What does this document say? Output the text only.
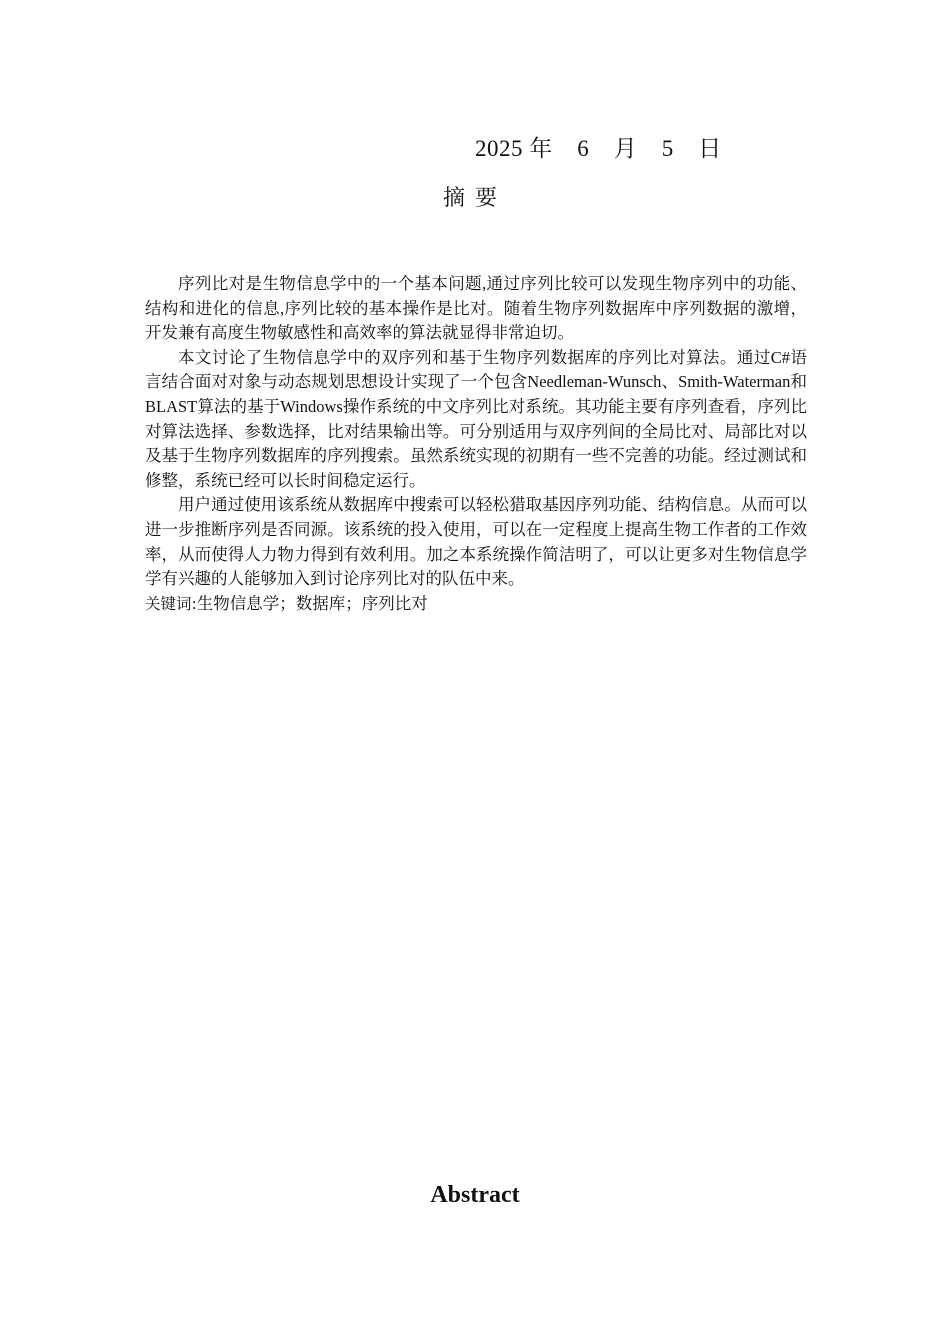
2025 年 6 月 5 日
摘要

序列比对是生物信息学中的一个基本问题,通过序列比较可以发现生物序列中的功能、结构和进化的信息,序列比较的基本操作是比对。随着生物序列数据库中序列数据的激增，开发兼有高度生物敏感性和高效率的算法就显得非常迫切。

本文讨论了生物信息学中的双序列和基于生物序列数据库的序列比对算法。通过C#语言结合面对对象与动态规划思想设计实现了一个包含Needleman-Wunsch、Smith-Waterman和BLAST算法的基于Windows操作系统的中文序列比对系统。其功能主要有序列查看，序列比对算法选择、参数选择，比对结果输出等。可分别适用与双序列间的全局比对、局部比对以及基于生物序列数据库的序列搜索。虽然系统实现的初期有一些不完善的功能。经过测试和修整，系统已经可以长时间稳定运行。

用户通过使用该系统从数据库中搜索可以轻松猎取基因序列功能、结构信息。从而可以进一步推断序列是否同源。该系统的投入使用，可以在一定程度上提高生物工作者的工作效率，从而使得人力物力得到有效利用。加之本系统操作简洁明了，可以让更多对生物信息学学有兴趣的人能够加入到讨论序列比对的队伍中来。

关键词:生物信息学；数据库；序列比对
Abstract
